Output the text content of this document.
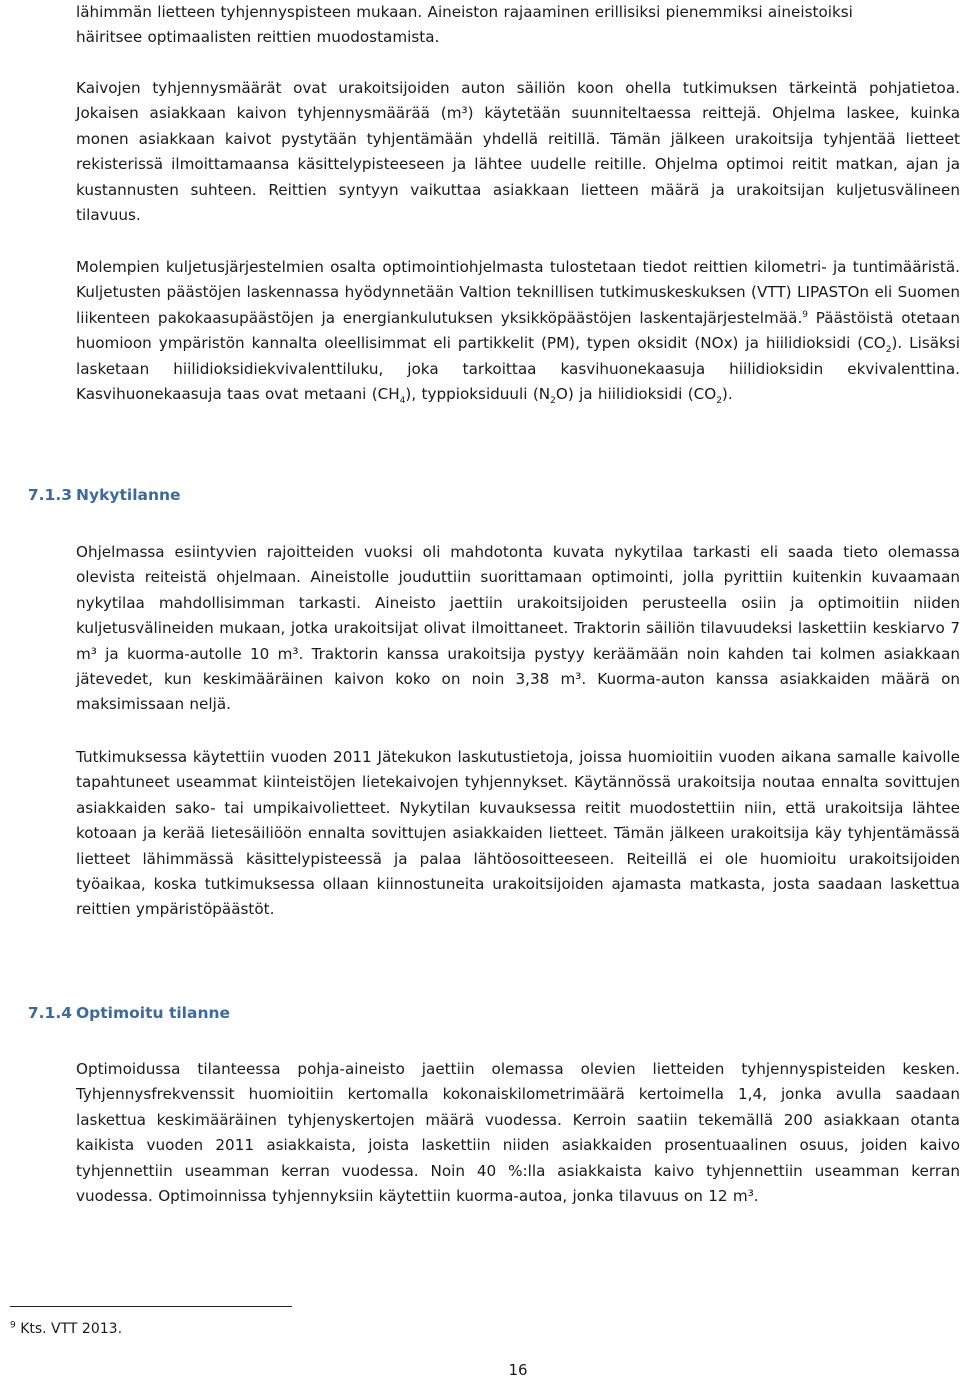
lähimmän lietteen tyhjennyspisteen mukaan. Aineiston rajaaminen erillisiksi pienemmiksi aineistoiksi
häiritsee optimaalisten reittien muodostamista.

Kaivojen tyhjennysmäärät ovat urakoitsijoiden auton säiliön koon ohella tutkimuksen tärkeintä pohjatietoa. Jokaisen asiakkaan kaivon tyhjennysmäärää (m³) käytetään suunniteltaessa reittejä. Ohjelma laskee, kuinka monen asiakkaan kaivot pystytään tyhjentämään yhdellä reitillä. Tämän jälkeen urakoitsija tyhjentää lietteet rekisterissä ilmoittamaansa käsittelypisteeseen ja lähtee uudelle reitille. Ohjelma optimoi reitit matkan, ajan ja kustannusten suhteen. Reittien syntyyn vaikuttaa asiakkaan lietteen määrä ja urakoitsijan kuljetusvälineen tilavuus.

Molempien kuljetusjärjestelmien osalta optimointiohjelmasta tulostetaan tiedot reittien kilometri- ja tuntimääristä. Kuljetusten päästöjen laskennassa hyödynnetään Valtion teknillisen tutkimuskeskuksen (VTT) LIPASTOn eli Suomen liikenteen pakokaasupäästöjen ja energiankulutuksen yksikköpäästöjen laskentajärjestelmää.$^9$ Päästöistä otetaan huomioon ympäristön kannalta oleellisimmat eli partikkelit (PM), typen oksidit (NOx) ja hiilidioksidi $(CO_2)$. Lisäksi lasketaan hiilidioksidiekvivalenttiluku, joka tarkoittaa kasvihuonekaasuja hiilidioksidin ekvivalenttina. Kasvihuonekaasuja taas ovat metaani $(CH_4)$, typpioksiduuli $(N_2O)$ ja hiilidioksidi $(CO_2)$.

7.1.3 Nykytilanne

Ohjelmassa esiintyvien rajoitteiden vuoksi oli mahdotonta kuvata nykytilaa tarkasti eli saada tieto olemassa olevista reiteistä ohjelmaan. Aineistolle jouduttiin suorittamaan optimointi, jolla pyrittiin kuitenkin kuvaamaan nykytilaa mahdollisimman tarkasti. Aineisto jaettiin urakoitsijoiden perusteella osiin ja optimoitiin niiden kuljetusvälineiden mukaan, jotka urakoitsijat olivat ilmoittaneet. Traktorin säiliön tilavuudeksi laskettiin keskiarvo 7 m³ ja kuorma-autolle 10 m³. Traktorin kanssa urakoitsija pystyy keräämään noin kahden tai kolmen asiakkaan jätevedet, kun keskimääräinen kaivon koko on noin 3,38 m³. Kuorma-auton kanssa asiakkaiden määrä on maksimissaan neljä.

Tutkimuksessa käytettiin vuoden 2011 Jätekukon laskutustietoja, joissa huomioitiin vuoden aikana samalle kaivolle tapahtuneet useammat kiinteistöjen lietekaivojen tyhjennykset. Käytännössä urakoitsija noutaa ennalta sovittujen asiakkaiden sako- tai umpikaivolietteet. Nykytilan kuvauksessa reitit muodostettiin niin, että urakoitsija lähtee kotoaan ja kerää lietesäiliöön ennalta sovittujen asiakkaiden lietteet. Tämän jälkeen urakoitsija käy tyhjentämässä lietteet lähimmässä käsittelypisteessä ja palaa lähtöosoitteeseen. Reiteillä ei ole huomioitu urakoitsijoiden työaikaa, koska tutkimuksessa ollaan kiinnostuneita urakoitsijoiden ajamasta matkasta, josta saadaan laskettua reittien ympäristöpäästöt.

7.1.4 Optimoitu tilanne

Optimoidussa tilanteessa pohja-aineisto jaettiin olemassa olevien lietteiden tyhjennyspisteiden kesken. Tyhjennysfrekvenssit huomioitiin kertomalla kokonaiskilometrimäärä kertoimella 1,4, jonka avulla saadaan laskettua keskimääräinen tyhjenyskertojen määrä vuodessa. Kerroin saatiin tekemällä 200 asiakkaan otanta kaikista vuoden 2011 asiakkaista, joista laskettiin niiden asiakkaiden prosentuaalinen osuus, joiden kaivo tyhjennettiin useamman kerran vuodessa. Noin 40 %:lla asiakkaista kaivo tyhjennettiin useamman kerran vuodessa. Optimoinnissa tyhjennyksiin käytettiin kuorma-autoa, jonka tilavuus on 12 m³.

$^9$ Kts. VTT 2013.
16
